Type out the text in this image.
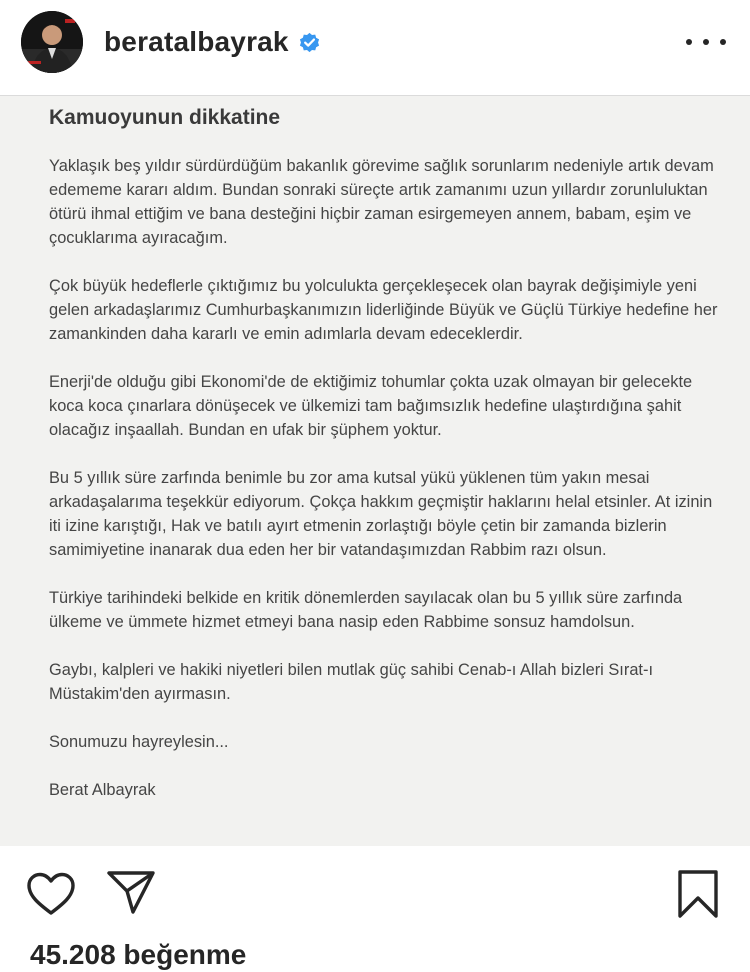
beratalbayrak
Kamuoyunun dikkatine

Yaklaşık beş yıldır sürdürdüğüm bakanlık görevime sağlık sorunlarım nedeniyle artık devam edememe kararı aldım. Bundan sonraki süreçte artık zamanımı uzun yıllardır zorunluluktan ötürü ihmal ettiğim ve bana desteğini hiçbir zaman esirgemeyen annem, babam, eşim ve çocuklarıma ayıracağım.

Çok büyük hedeflerle çıktığımız bu yolculukta gerçekleşecek olan bayrak değişimiyle yeni gelen arkadaşlarımız Cumhurbaşkanımızın liderliğinde Büyük ve Güçlü Türkiye hedefine her zamankinden daha kararlı ve emin adımlarla devam edeceklerdir.

Enerji'de olduğu gibi Ekonomi'de de ektiğimiz tohumlar çokta uzak olmayan bir gelecekte koca koca çınarlara dönüşecek ve ülkemizi tam bağımsızlık hedefine ulaştırdığına şahit olacağız inşaallah. Bundan en ufak bir şüphem yoktur.

Bu 5 yıllık süre zarfında benimle bu zor ama kutsal yükü yüklenen tüm yakın mesai arkadaşalarıma teşekkür ediyorum. Çokça hakkım geçmiştir haklarını helal etsinler. At izinin iti izine karıştığı, Hak ve batılı ayırt etmenin zorlaştığı böyle çetin bir zamanda bizlerin samimiyetine inanarak dua eden her bir vatandaşımızdan Rabbim razı olsun.

Türkiye tarihindeki belkide en kritik dönemlerden sayılacak olan bu 5 yıllık süre zarfında ülkeme ve ümmete hizmet etmeyi bana nasip eden Rabbime sonsuz hamdolsun.

Gaybı, kalpleri ve hakiki niyetleri bilen mutlak güç sahibi Cenab-ı Allah bizleri Sırat-ı Müstakim'den ayırmasın.

Sonumuzu hayreylesin...

Berat Albayrak

45.208 beğenme
